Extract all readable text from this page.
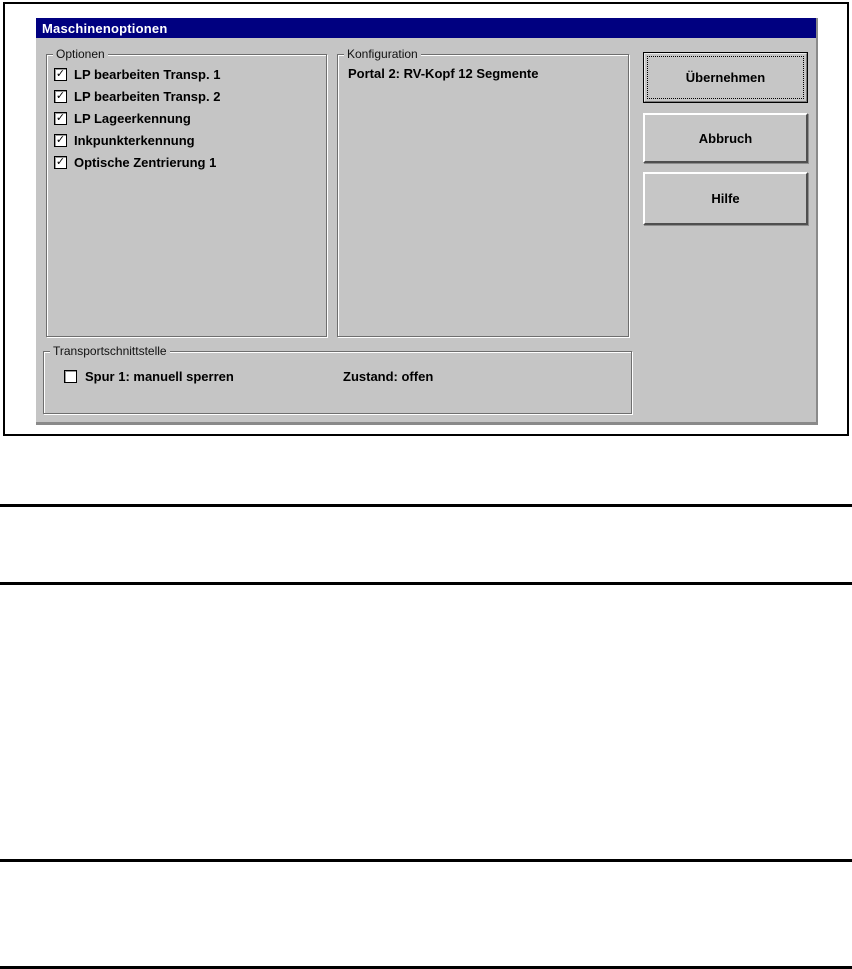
Maschinenoptionen
Optionen
✓ LP bearbeiten Transp. 1
✓ LP bearbeiten Transp. 2
✓ LP Lageerkennung
✓ Inkpunkterkennung
✓ Optische Zentrierung 1
Konfiguration
Portal 2: RV-Kopf 12 Segmente	Übernehmen
Abbruch
Hilfe
Transportschnittstelle
Spur 1: manuell sperren	Zustand: offen
